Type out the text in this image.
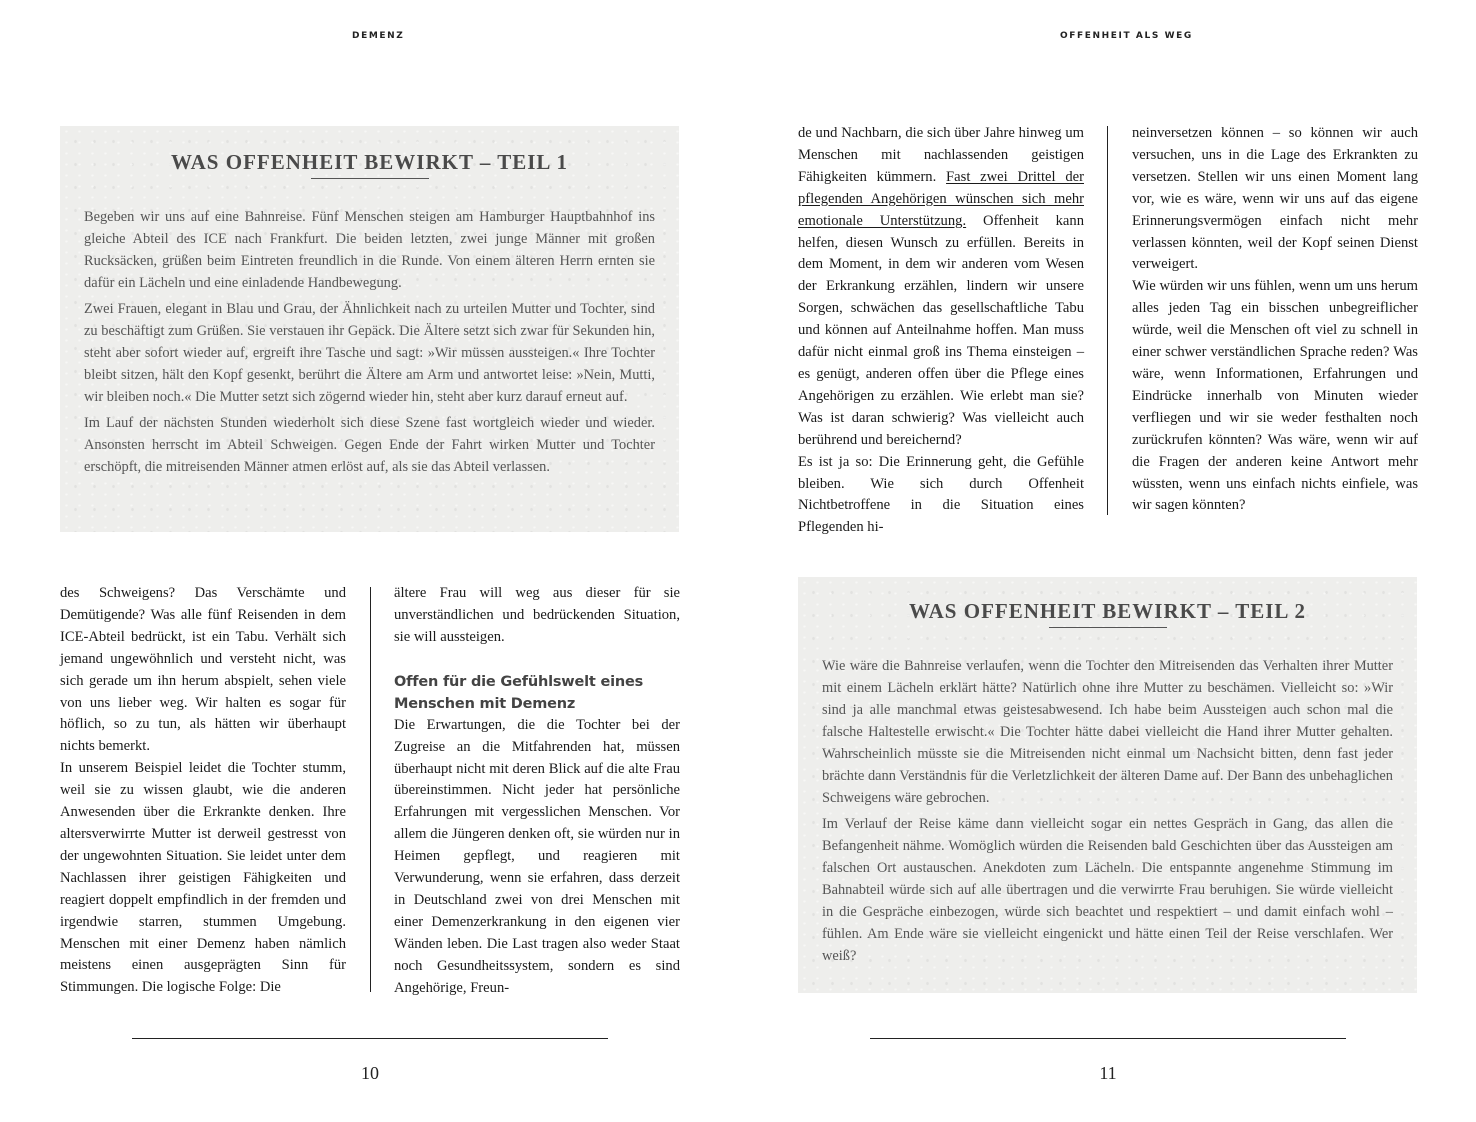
DEMENZ	OFFENHEIT ALS WEG
WAS OFFENHEIT BEWIRKT – TEIL 1

Begeben wir uns auf eine Bahnreise. Fünf Menschen steigen am Hamburger Hauptbahnhof ins gleiche Abteil des ICE nach Frankfurt. Die beiden letzten, zwei junge Männer mit großen Rucksäcken, grüßen beim Eintreten freundlich in die Runde. Von einem älteren Herrn ernten sie dafür ein Lächeln und eine einladende Handbewegung.

Zwei Frauen, elegant in Blau und Grau, der Ähnlichkeit nach zu urteilen Mutter und Tochter, sind zu beschäftigt zum Grüßen. Sie verstauen ihr Gepäck. Die Ältere setzt sich zwar für Sekunden hin, steht aber sofort wieder auf, ergreift ihre Tasche und sagt: »Wir müssen aussteigen.« Ihre Tochter bleibt sitzen, hält den Kopf gesenkt, berührt die Ältere am Arm und antwortet leise: »Nein, Mutti, wir bleiben noch.« Die Mutter setzt sich zögernd wieder hin, steht aber kurz darauf erneut auf.

Im Lauf der nächsten Stunden wiederholt sich diese Szene fast wortgleich wieder und wieder. Ansonsten herrscht im Abteil Schweigen. Gegen Ende der Fahrt wirken Mutter und Tochter erschöpft, die mitreisenden Männer atmen erlöst auf, als sie das Abteil verlassen.

des Schweigens? Das Verschämte und Demütigende? Was alle fünf Reisenden in dem ICE-Abteil bedrückt, ist ein Tabu. Verhält sich jemand ungewöhnlich und versteht nicht, was sich gerade um ihn herum abspielt, sehen viele von uns lieber weg. Wir halten es sogar für höflich, so zu tun, als hätten wir überhaupt nichts bemerkt.

In unserem Beispiel leidet die Tochter stumm, weil sie zu wissen glaubt, wie die anderen Anwesenden über die Erkrankte denken. Ihre altersverwirrte Mutter ist derweil gestresst von der ungewohnten Situation. Sie leidet unter dem Nachlassen ihrer geistigen Fähigkeiten und reagiert doppelt empfindlich in der fremden und irgendwie starren, stummen Umgebung. Menschen mit einer Demenz haben nämlich meistens einen ausgeprägten Sinn für Stimmungen. Die logische Folge: Die

ältere Frau will weg aus dieser für sie unverständlichen und bedrückenden Situation, sie will aussteigen.

Offen für die Gefühlswelt eines Menschen mit Demenz

Die Erwartungen, die die Tochter bei der Zugreise an die Mitfahrenden hat, müssen überhaupt nicht mit deren Blick auf die alte Frau übereinstimmen. Nicht jeder hat persönliche Erfahrungen mit vergesslichen Menschen. Vor allem die Jüngeren denken oft, sie würden nur in Heimen gepflegt, und reagieren mit Verwunderung, wenn sie erfahren, dass derzeit in Deutschland zwei von drei Menschen mit einer Demenzerkrankung in den eigenen vier Wänden leben. Die Last tragen also weder Staat noch Gesundheitssystem, sondern es sind Angehörige, Freun-

de und Nachbarn, die sich über Jahre hinweg um Menschen mit nachlassenden geistigen Fähigkeiten kümmern. Fast zwei Drittel der pflegenden Angehörigen wünschen sich mehr emotionale Unterstützung. Offenheit kann helfen, diesen Wunsch zu erfüllen. Bereits in dem Moment, in dem wir anderen vom Wesen der Erkrankung erzählen, lindern wir unsere Sorgen, schwächen das gesellschaftliche Tabu und können auf Anteilnahme hoffen. Man muss dafür nicht einmal groß ins Thema einsteigen – es genügt, anderen offen über die Pflege eines Angehörigen zu erzählen. Wie erlebt man sie? Was ist daran schwierig? Was vielleicht auch berührend und bereichernd?

Es ist ja so: Die Erinnerung geht, die Gefühle bleiben. Wie sich durch Offenheit Nichtbetroffene in die Situation eines Pflegenden hi-

neinversetzen können – so können wir auch versuchen, uns in die Lage des Erkrankten zu versetzen. Stellen wir uns einen Moment lang vor, wie es wäre, wenn wir uns auf das eigene Erinnerungsvermögen einfach nicht mehr verlassen könnten, weil der Kopf seinen Dienst verweigert.

Wie würden wir uns fühlen, wenn um uns herum alles jeden Tag ein bisschen unbegreiflicher würde, weil die Menschen oft viel zu schnell in einer schwer verständlichen Sprache reden? Was wäre, wenn Informationen, Erfahrungen und Eindrücke innerhalb von Minuten wieder verfliegen und wir sie weder festhalten noch zurückrufen könnten? Was wäre, wenn wir auf die Fragen der anderen keine Antwort mehr wüssten, wenn uns einfach nichts einfiele, was wir sagen könnten?

WAS OFFENHEIT BEWIRKT – TEIL 2

Wie wäre die Bahnreise verlaufen, wenn die Tochter den Mitreisenden das Verhalten ihrer Mutter mit einem Lächeln erklärt hätte? Natürlich ohne ihre Mutter zu beschämen. Vielleicht so: »Wir sind ja alle manchmal etwas geistesabwesend. Ich habe beim Aussteigen auch schon mal die falsche Haltestelle erwischt.« Die Tochter hätte dabei vielleicht die Hand ihrer Mutter gehalten. Wahrscheinlich müsste sie die Mitreisenden nicht einmal um Nachsicht bitten, denn fast jeder brächte dann Verständnis für die Verletzlichkeit der älteren Dame auf. Der Bann des unbehaglichen Schweigens wäre gebrochen.

Im Verlauf der Reise käme dann vielleicht sogar ein nettes Gespräch in Gang, das allen die Befangenheit nähme. Womöglich würden die Reisenden bald Geschichten über das Aussteigen am falschen Ort austauschen. Anekdoten zum Lächeln. Die entspannte angenehme Stimmung im Bahnabteil würde sich auf alle übertragen und die verwirrte Frau beruhigen. Sie würde vielleicht in die Gespräche einbezogen, würde sich beachtet und respektiert – und damit einfach wohl – fühlen. Am Ende wäre sie vielleicht eingenickt und hätte einen Teil der Reise verschlafen. Wer weiß?

10	11
